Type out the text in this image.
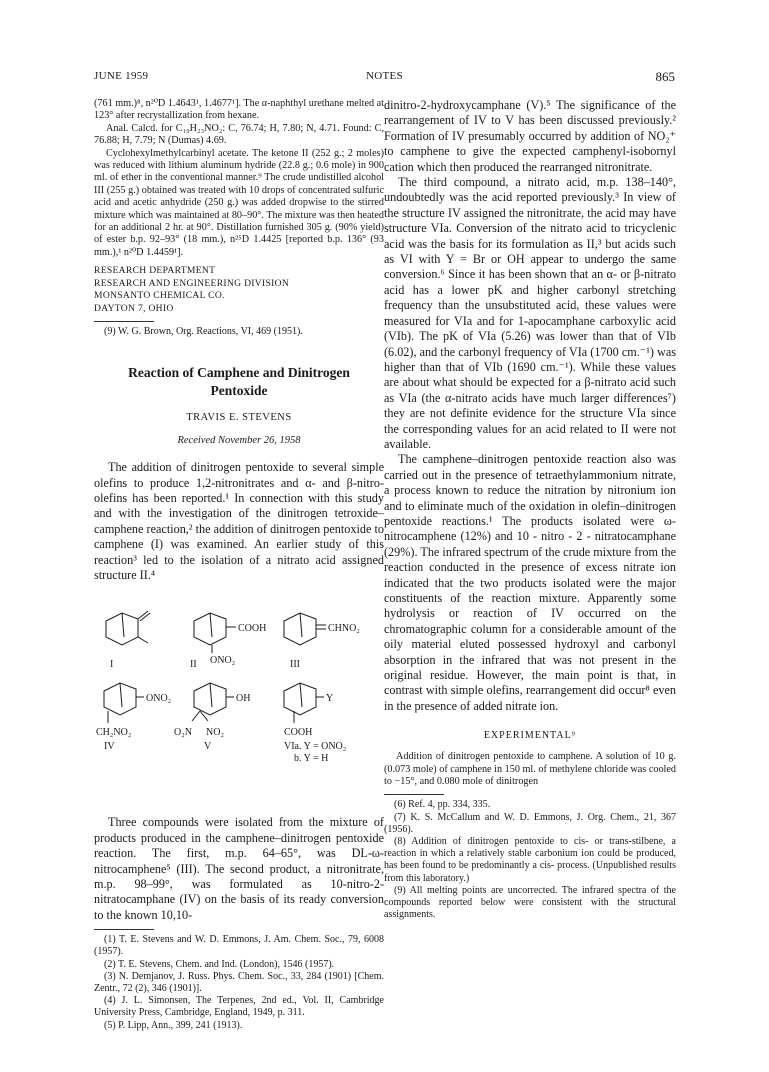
JUNE 1959	NOTES	865

(761 mm.)⁸, n²⁰D 1.4643¹, 1.4677¹]. The α-naphthyl urethane melted at 123° after recrystallization from hexane.

Anal. Calcd. for C₁₉H₂₃NO₂: C, 76.74; H, 7.80; N, 4.71. Found: C, 76.88; H, 7.79; N (Dumas) 4.69.

Cyclohexylmethylcarbinyl acetate. The ketone II (252 g.; 2 moles) was reduced with lithium aluminum hydride (22.8 g.; 0.6 mole) in 900 ml. of ether in the conventional manner.⁹ The crude undistilled alcohol III (255 g.) obtained was treated with 10 drops of concentrated sulfuric acid and acetic anhydride (250 g.) was added dropwise to the stirred mixture which was maintained at 80–90°. The mixture was then heated for an additional 2 hr. at 90°. Distillation furnished 305 g. (90% yield) of ester b.p. 92–93° (18 mm.), n²⁵D 1.4425 [reported b.p. 136° (93 mm.),¹ n²⁰D 1.4459¹].

RESEARCH DEPARTMENT
RESEARCH AND ENGINEERING DIVISION
MONSANTO CHEMICAL CO.
DAYTON 7, OHIO

(9) W. G. Brown, Org. Reactions, VI, 469 (1951).

Reaction of Camphene and Dinitrogen
Pentoxide
TRAVIS E. STEVENS
Received November 26, 1958

The addition of dinitrogen pentoxide to several simple olefins to produce 1,2-nitronitrates and α- and β-nitro-olefins has been reported.¹ In connection with this study and with the investigation of the dinitrogen tetroxide–camphene reaction,² the addition of dinitrogen pentoxide to camphene (I) was examined. An earlier study of this reaction³ led to the isolation of a nitrato acid assigned structure II.⁴

I
COOH
II ONO₂
CHNO₂
III
ONO₂
CH₂NO₂
IV
OH
O₂N NO₂
V
Y
COOH
VIa. Y = ONO₂
b. Y = H

Three compounds were isolated from the mixture of products produced in the camphene–dinitrogen pentoxide reaction. The first, m.p. 64–65°, was DL-ω-nitrocamphene⁵ (III). The second product, a nitronitrate, m.p. 98–99°, was formulated as 10-nitro-2-nitratocamphane (IV) on the basis of its ready conversion to the known 10,10-

(1) T. E. Stevens and W. D. Emmons, J. Am. Chem. Soc., 79, 6008 (1957).

(2) T. E. Stevens, Chem. and Ind. (London), 1546 (1957).

(3) N. Demjanov, J. Russ. Phys. Chem. Soc., 33, 284 (1901) [Chem. Zentr., 72 (2), 346 (1901)].

(4) J. L. Simonsen, The Terpenes, 2nd ed., Vol. II, Cambridge University Press, Cambridge, England, 1949, p. 311.

(5) P. Lipp, Ann., 399, 241 (1913).

dinitro-2-hydroxycamphane (V).⁵ The significance of the rearrangement of IV to V has been discussed previously.² Formation of IV presumably occurred by addition of NO₂⁺ to camphene to give the expected camphenyl-isobornyl cation which then produced the rearranged nitronitrate.

The third compound, a nitrato acid, m.p. 138–140°, undoubtedly was the acid reported previously.³ In view of the structure IV assigned the nitronitrate, the acid may have structure VIa. Conversion of the nitrato acid to tricyclenic acid was the basis for its formulation as II,³ but acids such as VI with Y = Br or OH appear to undergo the same conversion.⁶ Since it has been shown that an α- or β-nitrato acid has a lower pK and higher carbonyl stretching frequency than the unsubstituted acid, these values were measured for VIa and for 1-apocamphane carboxylic acid (VIb). The pK of VIa (5.26) was lower than that of VIb (6.02), and the carbonyl frequency of VIa (1700 cm.⁻¹) was higher than that of VIb (1690 cm.⁻¹). While these values are about what should be expected for a β-nitrato acid such as VIa (the α-nitrato acids have much larger differences⁷) they are not definite evidence for the structure VIa since the corresponding values for an acid related to II were not available.

The camphene–dinitrogen pentoxide reaction also was carried out in the presence of tetraethylammonium nitrate, a process known to reduce the nitration by nitronium ion and to eliminate much of the oxidation in olefin–dinitrogen pentoxide reactions.¹ The products isolated were ω-nitrocamphene (12%) and 10 - nitro - 2 - nitratocamphane (29%). The infrared spectrum of the crude mixture from the reaction conducted in the presence of excess nitrate ion indicated that the two products isolated were the major constituents of the reaction mixture. Apparently some hydrolysis or reaction of IV occurred on the chromatographic column for a considerable amount of the oily material eluted possessed hydroxyl and carbonyl absorption in the infrared that was not present in the original residue. However, the main point is that, in contrast with simple olefins, rearrangement did occur⁸ even in the presence of added nitrate ion.

EXPERIMENTAL⁹

Addition of dinitrogen pentoxide to camphene. A solution of 10 g. (0.073 mole) of camphene in 150 ml. of methylene chloride was cooled to −15°, and 0.080 mole of dinitrogen

(6) Ref. 4, pp. 334, 335.

(7) K. S. McCallum and W. D. Emmons, J. Org. Chem., 21, 367 (1956).

(8) Addition of dinitrogen pentoxide to cis- or trans-stilbene, a reaction in which a relatively stable carbonium ion could be produced, has been found to be predominantly a cis- process. (Unpublished results from this laboratory.)

(9) All melting points are uncorrected. The infrared spectra of the compounds reported below were consistent with the structural assignments.
